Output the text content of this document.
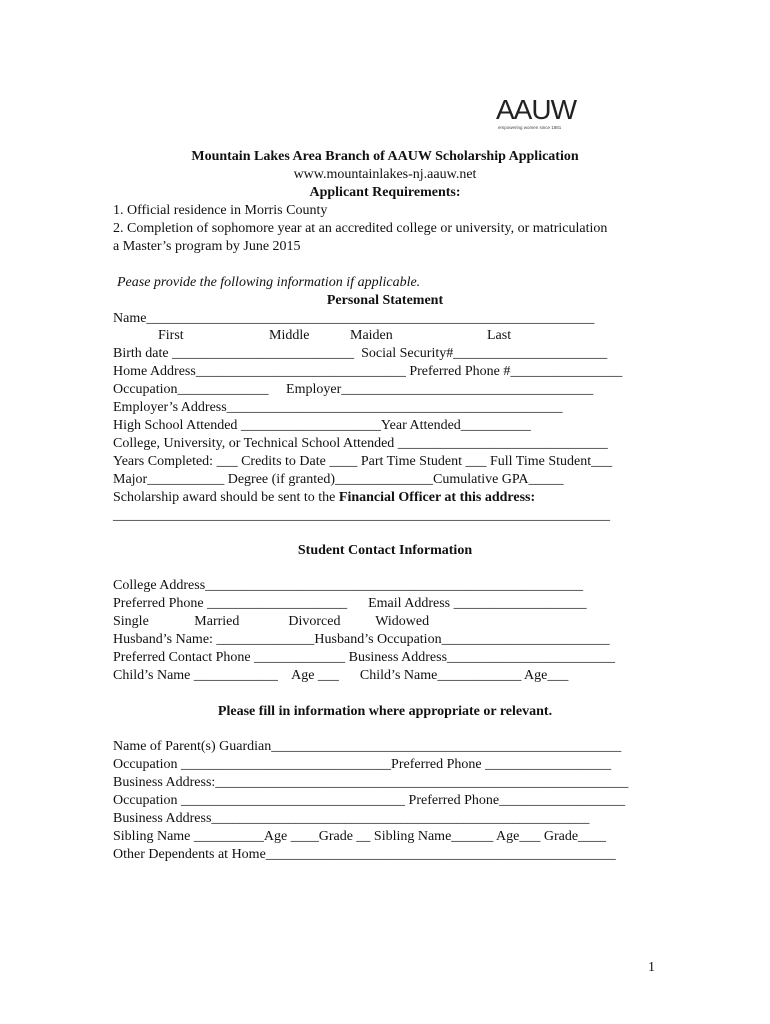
AAUW
empowering women since 1881
Mountain Lakes Area Branch of AAUW Scholarship Application
www.mountainlakes-nj.aauw.net
Applicant Requirements:
1. Official residence in Morris County
2. Completion of sophomore year at an accredited college or university, or matriculation
a Master’s program by June 2015
Pease provide the following information if applicable.
Personal Statement
Name________________________________________________________________
First	Middle	Maiden	Last
Birth date __________________________  Social Security#______________________
Home Address______________________________ Preferred Phone #________________
Occupation_____________     Employer____________________________________
Employer’s Address________________________________________________
High School Attended ____________________Year Attended__________
College, University, or Technical School Attended ______________________________
Years Completed: ___ Credits to Date ____ Part Time Student ___ Full Time Student___
Major___________ Degree (if granted)______________Cumulative GPA_____
Scholarship award should be sent to the Financial Officer at this address:
_______________________________________________________________________
Student Contact Information
College Address______________________________________________________
Preferred Phone ____________________      Email Address ___________________
Single             Married              Divorced          Widowed
Husband’s Name: ______________Husband’s Occupation________________________
Preferred Contact Phone _____________ Business Address________________________
Child’s Name ____________    Age ___      Child’s Name____________ Age___
Please fill in information where appropriate or relevant.
Name of Parent(s) Guardian__________________________________________________
Occupation ______________________________Preferred Phone __________________
Business Address:___________________________________________________________
Occupation ________________________________ Preferred Phone__________________
Business Address______________________________________________________
Sibling Name __________Age ____Grade __ Sibling Name______ Age___ Grade____
Other Dependents at Home__________________________________________________
1
